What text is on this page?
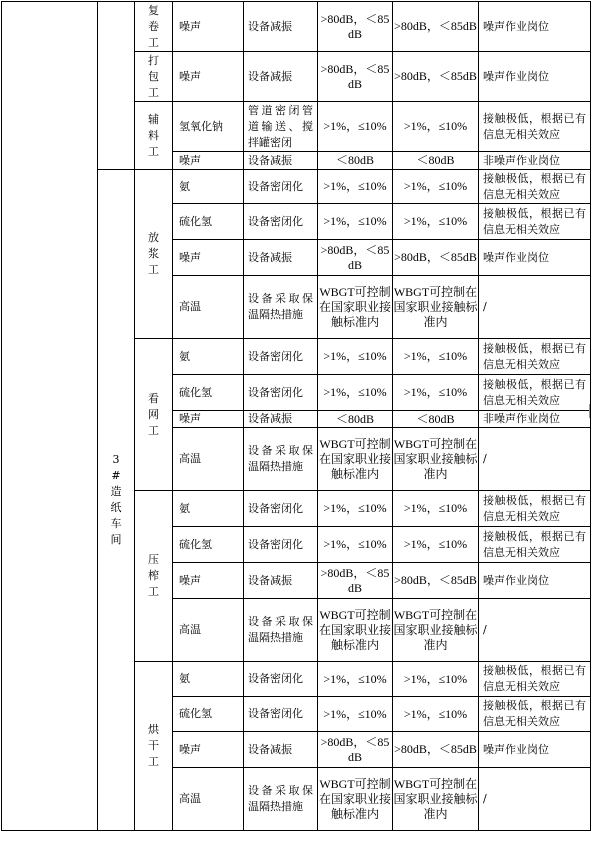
		复卷工	噪声	设备减振	>80dB，＜85dB	>80dB，＜85dB	噪声作业岗位
		打包工	噪声	设备减振	>80dB，＜85dB	>80dB，＜85dB	噪声作业岗位
		辅料工	氢氧化钠	管道密闭管道输送、搅拌罐密闭	>1%，≤10%	>1%，≤10%	接触极低，根据已有信息无相关效应
			噪声	设备减振	＜80dB	＜80dB	非噪声作业岗位
	3#造纸车间	放浆工	氨	设备密闭化	>1%，≤10%	>1%，≤10%	接触极低，根据已有信息无相关效应
			硫化氢	设备密闭化	>1%，≤10%	>1%，≤10%	接触极低，根据已有信息无相关效应
			噪声	设备减振	>80dB，＜85dB	>80dB，＜85dB	噪声作业岗位
			高温	设备采取保温隔热措施	WBGT可控制在国家职业接触标准内	WBGT可控制在国家职业接触标准内	/
		看网工	氨	设备密闭化	>1%，≤10%	>1%，≤10%	接触极低，根据已有信息无相关效应
			硫化氢	设备密闭化	>1%，≤10%	>1%，≤10%	接触极低，根据已有信息无相关效应
			噪声	设备减振	＜80dB	＜80dB	非噪声作业岗位
			高温	设备采取保温隔热措施	WBGT可控制在国家职业接触标准内	WBGT可控制在国家职业接触标准内	/
		压榨工	氨	设备密闭化	>1%，≤10%	>1%，≤10%	接触极低，根据已有信息无相关效应
			硫化氢	设备密闭化	>1%，≤10%	>1%，≤10%	接触极低，根据已有信息无相关效应
			噪声	设备减振	>80dB，＜85dB	>80dB，＜85dB	噪声作业岗位
			高温	设备采取保温隔热措施	WBGT可控制在国家职业接触标准内	WBGT可控制在国家职业接触标准内	/
		烘干工	氨	设备密闭化	>1%，≤10%	>1%，≤10%	接触极低，根据已有信息无相关效应
			硫化氢	设备密闭化	>1%，≤10%	>1%，≤10%	接触极低，根据已有信息无相关效应
			噪声	设备减振	>80dB，＜85dB	>80dB，＜85dB	噪声作业岗位
			高温	设备采取保温隔热措施	WBGT可控制在国家职业接触标准内	WBGT可控制在国家职业接触标准内	/
